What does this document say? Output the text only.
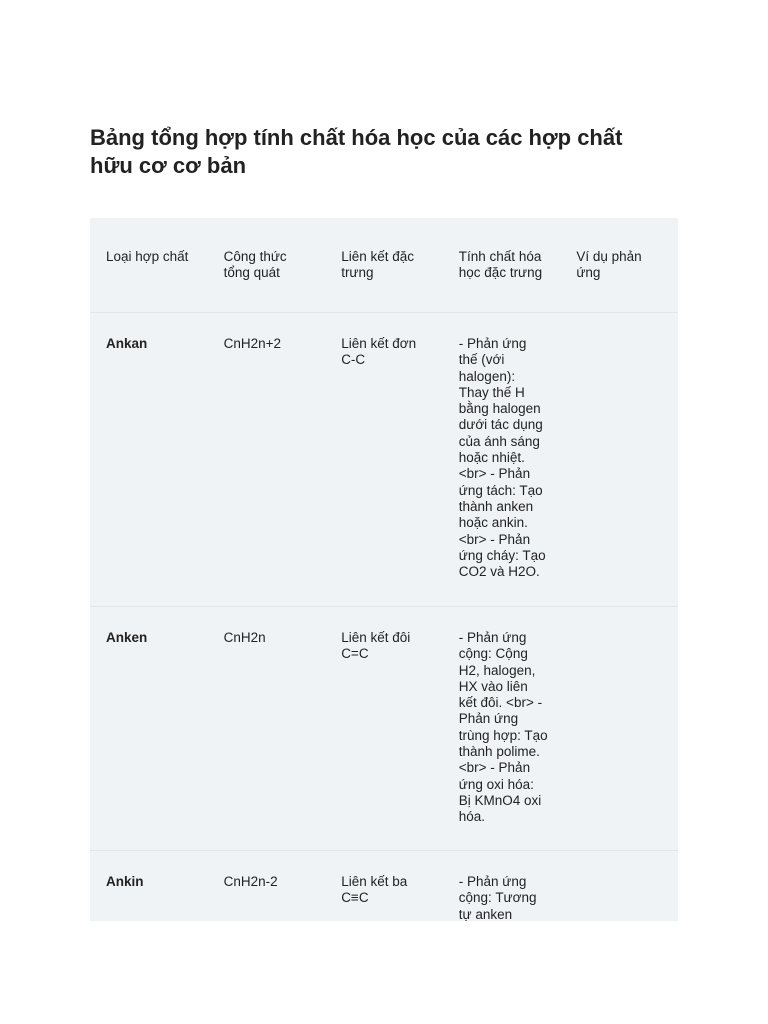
Bảng tổng hợp tính chất hóa học của các hợp chất hữu cơ cơ bản
Loại hợp chất	Công thức tổng quát	Liên kết đặc trưng	Tính chất hóa học đặc trưng	Ví dụ phản ứng
Ankan	CnH2n+2	Liên kết đơn C-C	- Phản ứng thế (với halogen): Thay thế H bằng halogen dưới tác dụng của ánh sáng hoặc nhiệt. <br> - Phản ứng tách: Tạo thành anken hoặc ankin. <br> - Phản ứng cháy: Tạo CO2 và H2O.	
Anken	CnH2n	Liên kết đôi C=C	- Phản ứng cộng: Cộng H2, halogen, HX vào liên kết đôi. <br> - Phản ứng trùng hợp: Tạo thành polime. <br> - Phản ứng oxi hóa: Bị KMnO4 oxi hóa.	
Ankin	CnH2n-2	Liên kết ba C≡C	- Phản ứng cộng: Tương tự anken	
